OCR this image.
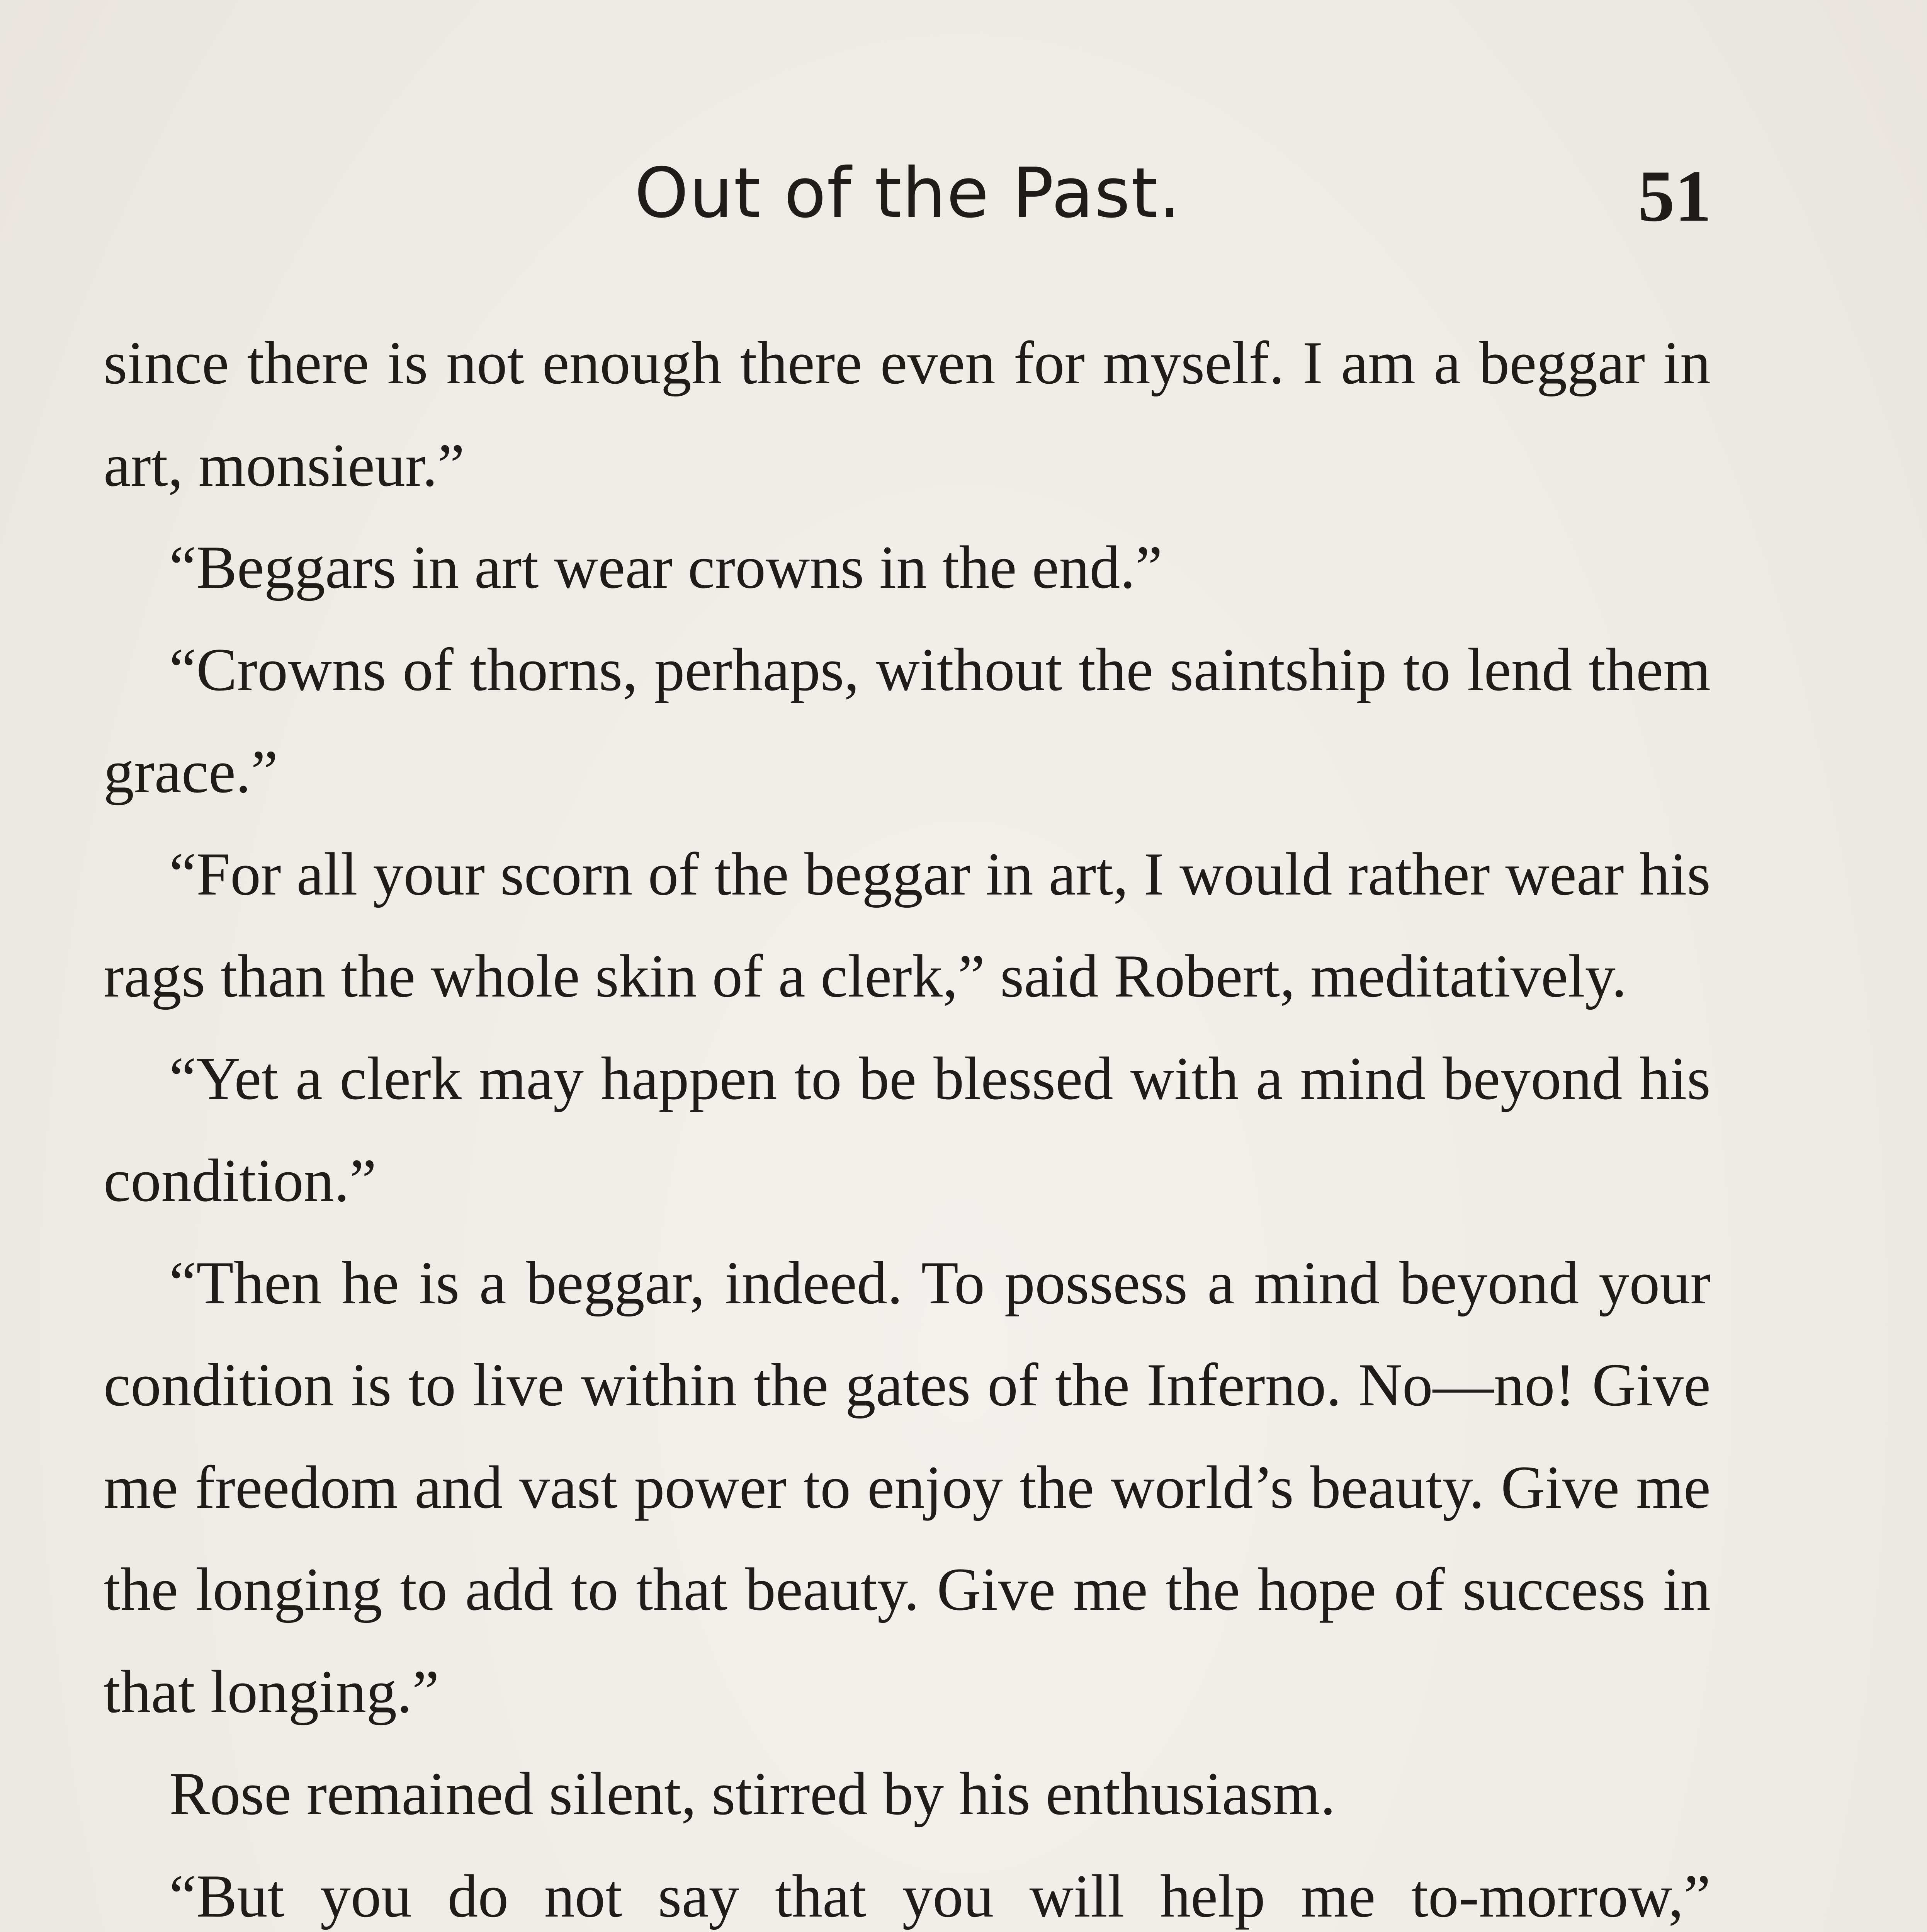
Out of the Past.	51

since there is not enough there even for myself. I am a beggar in art, monsieur.”

“Beggars in art wear crowns in the end.”

“Crowns of thorns, perhaps, without the saintship to lend them grace.”

“For all your scorn of the beggar in art, I would rather wear his rags than the whole skin of a clerk,” said Robert, meditatively.

“Yet a clerk may happen to be blessed with a mind beyond his condition.”

“Then he is a beggar, indeed. To possess a mind beyond your condition is to live within the gates of the Inferno. No—no! Give me freedom and vast power to enjoy the world’s beauty. Give me the longing to add to that beauty. Give me the hope of success in that longing.”

Rose remained silent, stirred by his enthusiasm.

“But you do not say that you will help me to-morrow,”
